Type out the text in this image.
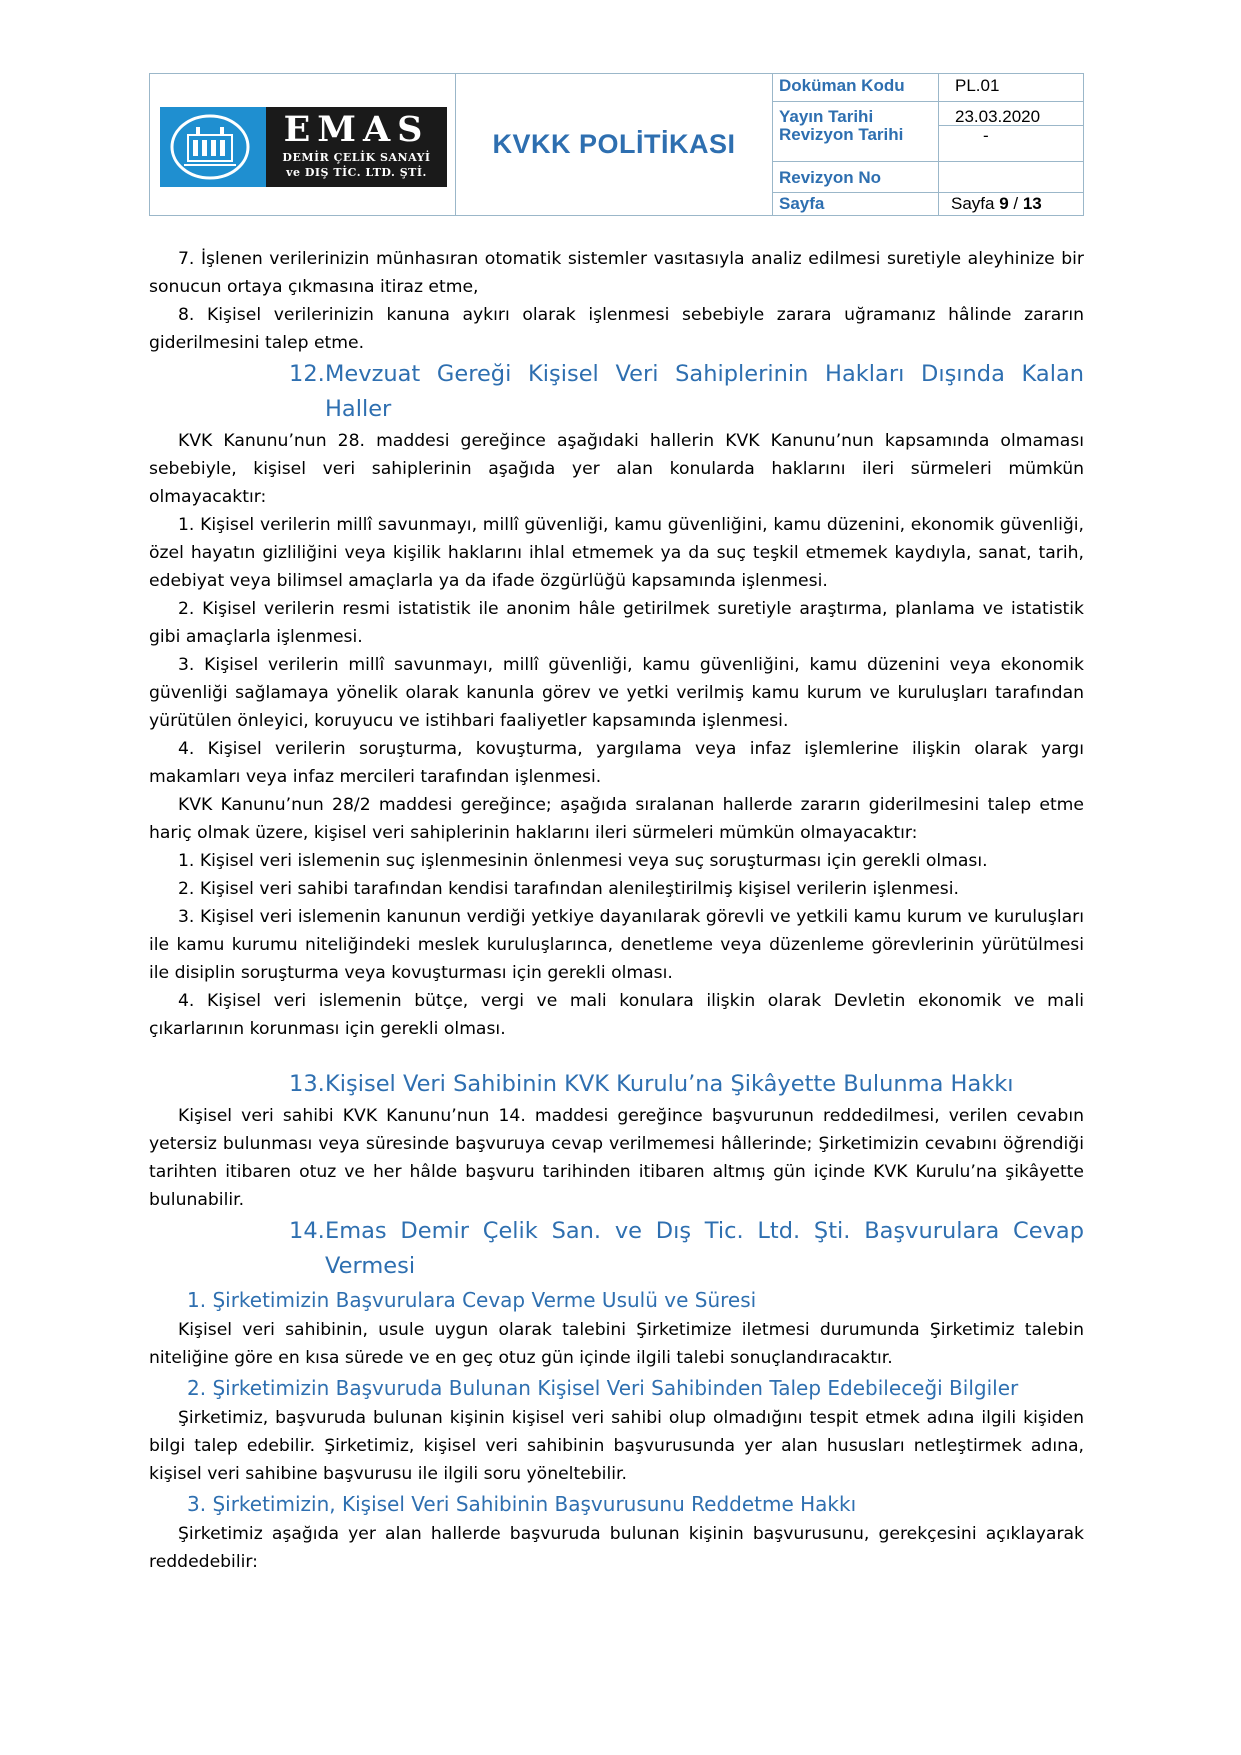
EMAS
DEMİR ÇELİK SANAYİ
ve DIŞ TİC. LTD. ŞTİ.
KVKK POLİTİKASI
Doküman Kodu	PL.01
Yayın Tarihi	23.03.2020
Revizyon Tarihi	-
Revizyon No
Sayfa	Sayfa 9 / 13

7. İşlenen verilerinizin münhasıran otomatik sistemler vasıtasıyla analiz edilmesi suretiyle aleyhinize bir sonucun ortaya çıkmasına itiraz etme,

8. Kişisel verilerinizin kanuna aykırı olarak işlenmesi sebebiyle zarara uğramanız hâlinde zararın giderilmesini talep etme.

12. Mevzuat Gereği Kişisel Veri Sahiplerinin Hakları Dışında Kalan Haller

KVK Kanunu’nun 28. maddesi gereğince aşağıdaki hallerin KVK Kanunu’nun kapsamında olmaması sebebiyle, kişisel veri sahiplerinin aşağıda yer alan konularda haklarını ileri sürmeleri mümkün olmayacaktır:

1. Kişisel verilerin millî savunmayı, millî güvenliği, kamu güvenliğini, kamu düzenini, ekonomik güvenliği, özel hayatın gizliliğini veya kişilik haklarını ihlal etmemek ya da suç teşkil etmemek kaydıyla, sanat, tarih, edebiyat veya bilimsel amaçlarla ya da ifade özgürlüğü kapsamında işlenmesi.

2. Kişisel verilerin resmi istatistik ile anonim hâle getirilmek suretiyle araştırma, planlama ve istatistik gibi amaçlarla işlenmesi.

3. Kişisel verilerin millî savunmayı, millî güvenliği, kamu güvenliğini, kamu düzenini veya ekonomik güvenliği sağlamaya yönelik olarak kanunla görev ve yetki verilmiş kamu kurum ve kuruluşları tarafından yürütülen önleyici, koruyucu ve istihbari faaliyetler kapsamında işlenmesi.

4. Kişisel verilerin soruşturma, kovuşturma, yargılama veya infaz işlemlerine ilişkin olarak yargı makamları veya infaz mercileri tarafından işlenmesi.

KVK Kanunu’nun 28/2 maddesi gereğince; aşağıda sıralanan hallerde zararın giderilmesini talep etme hariç olmak üzere, kişisel veri sahiplerinin haklarını ileri sürmeleri mümkün olmayacaktır:

1. Kişisel veri islemenin suç işlenmesinin önlenmesi veya suç soruşturması için gerekli olması.

2. Kişisel veri sahibi tarafından kendisi tarafından alenileştirilmiş kişisel verilerin işlenmesi.

3. Kişisel veri islemenin kanunun verdiği yetkiye dayanılarak görevli ve yetkili kamu kurum ve kuruluşları ile kamu kurumu niteliğindeki meslek kuruluşlarınca, denetleme veya düzenleme görevlerinin yürütülmesi ile disiplin soruşturma veya kovuşturması için gerekli olması.

4. Kişisel veri islemenin bütçe, vergi ve mali konulara ilişkin olarak Devletin ekonomik ve mali çıkarlarının korunması için gerekli olması.

13. Kişisel Veri Sahibinin KVK Kurulu’na Şikâyette Bulunma Hakkı

Kişisel veri sahibi KVK Kanunu’nun 14. maddesi gereğince başvurunun reddedilmesi, verilen cevabın yetersiz bulunması veya süresinde başvuruya cevap verilmemesi hâllerinde; Şirketimizin cevabını öğrendiği tarihten itibaren otuz ve her hâlde başvuru tarihinden itibaren altmış gün içinde KVK Kurulu’na şikâyette bulunabilir.

14. Emas Demir Çelik San. ve Dış Tic. Ltd. Şti. Başvurulara Cevap Vermesi

1. Şirketimizin Başvurulara Cevap Verme Usulü ve Süresi

Kişisel veri sahibinin, usule uygun olarak talebini Şirketimize iletmesi durumunda Şirketimiz talebin niteliğine göre en kısa sürede ve en geç otuz gün içinde ilgili talebi sonuçlandıracaktır.

2. Şirketimizin Başvuruda Bulunan Kişisel Veri Sahibinden Talep Edebileceği Bilgiler

Şirketimiz, başvuruda bulunan kişinin kişisel veri sahibi olup olmadığını tespit etmek adına ilgili kişiden bilgi talep edebilir. Şirketimiz, kişisel veri sahibinin başvurusunda yer alan hususları netleştirmek adına, kişisel veri sahibine başvurusu ile ilgili soru yöneltebilir.

3. Şirketimizin, Kişisel Veri Sahibinin Başvurusunu Reddetme Hakkı

Şirketimiz aşağıda yer alan hallerde başvuruda bulunan kişinin başvurusunu, gerekçesini açıklayarak reddedebilir:
